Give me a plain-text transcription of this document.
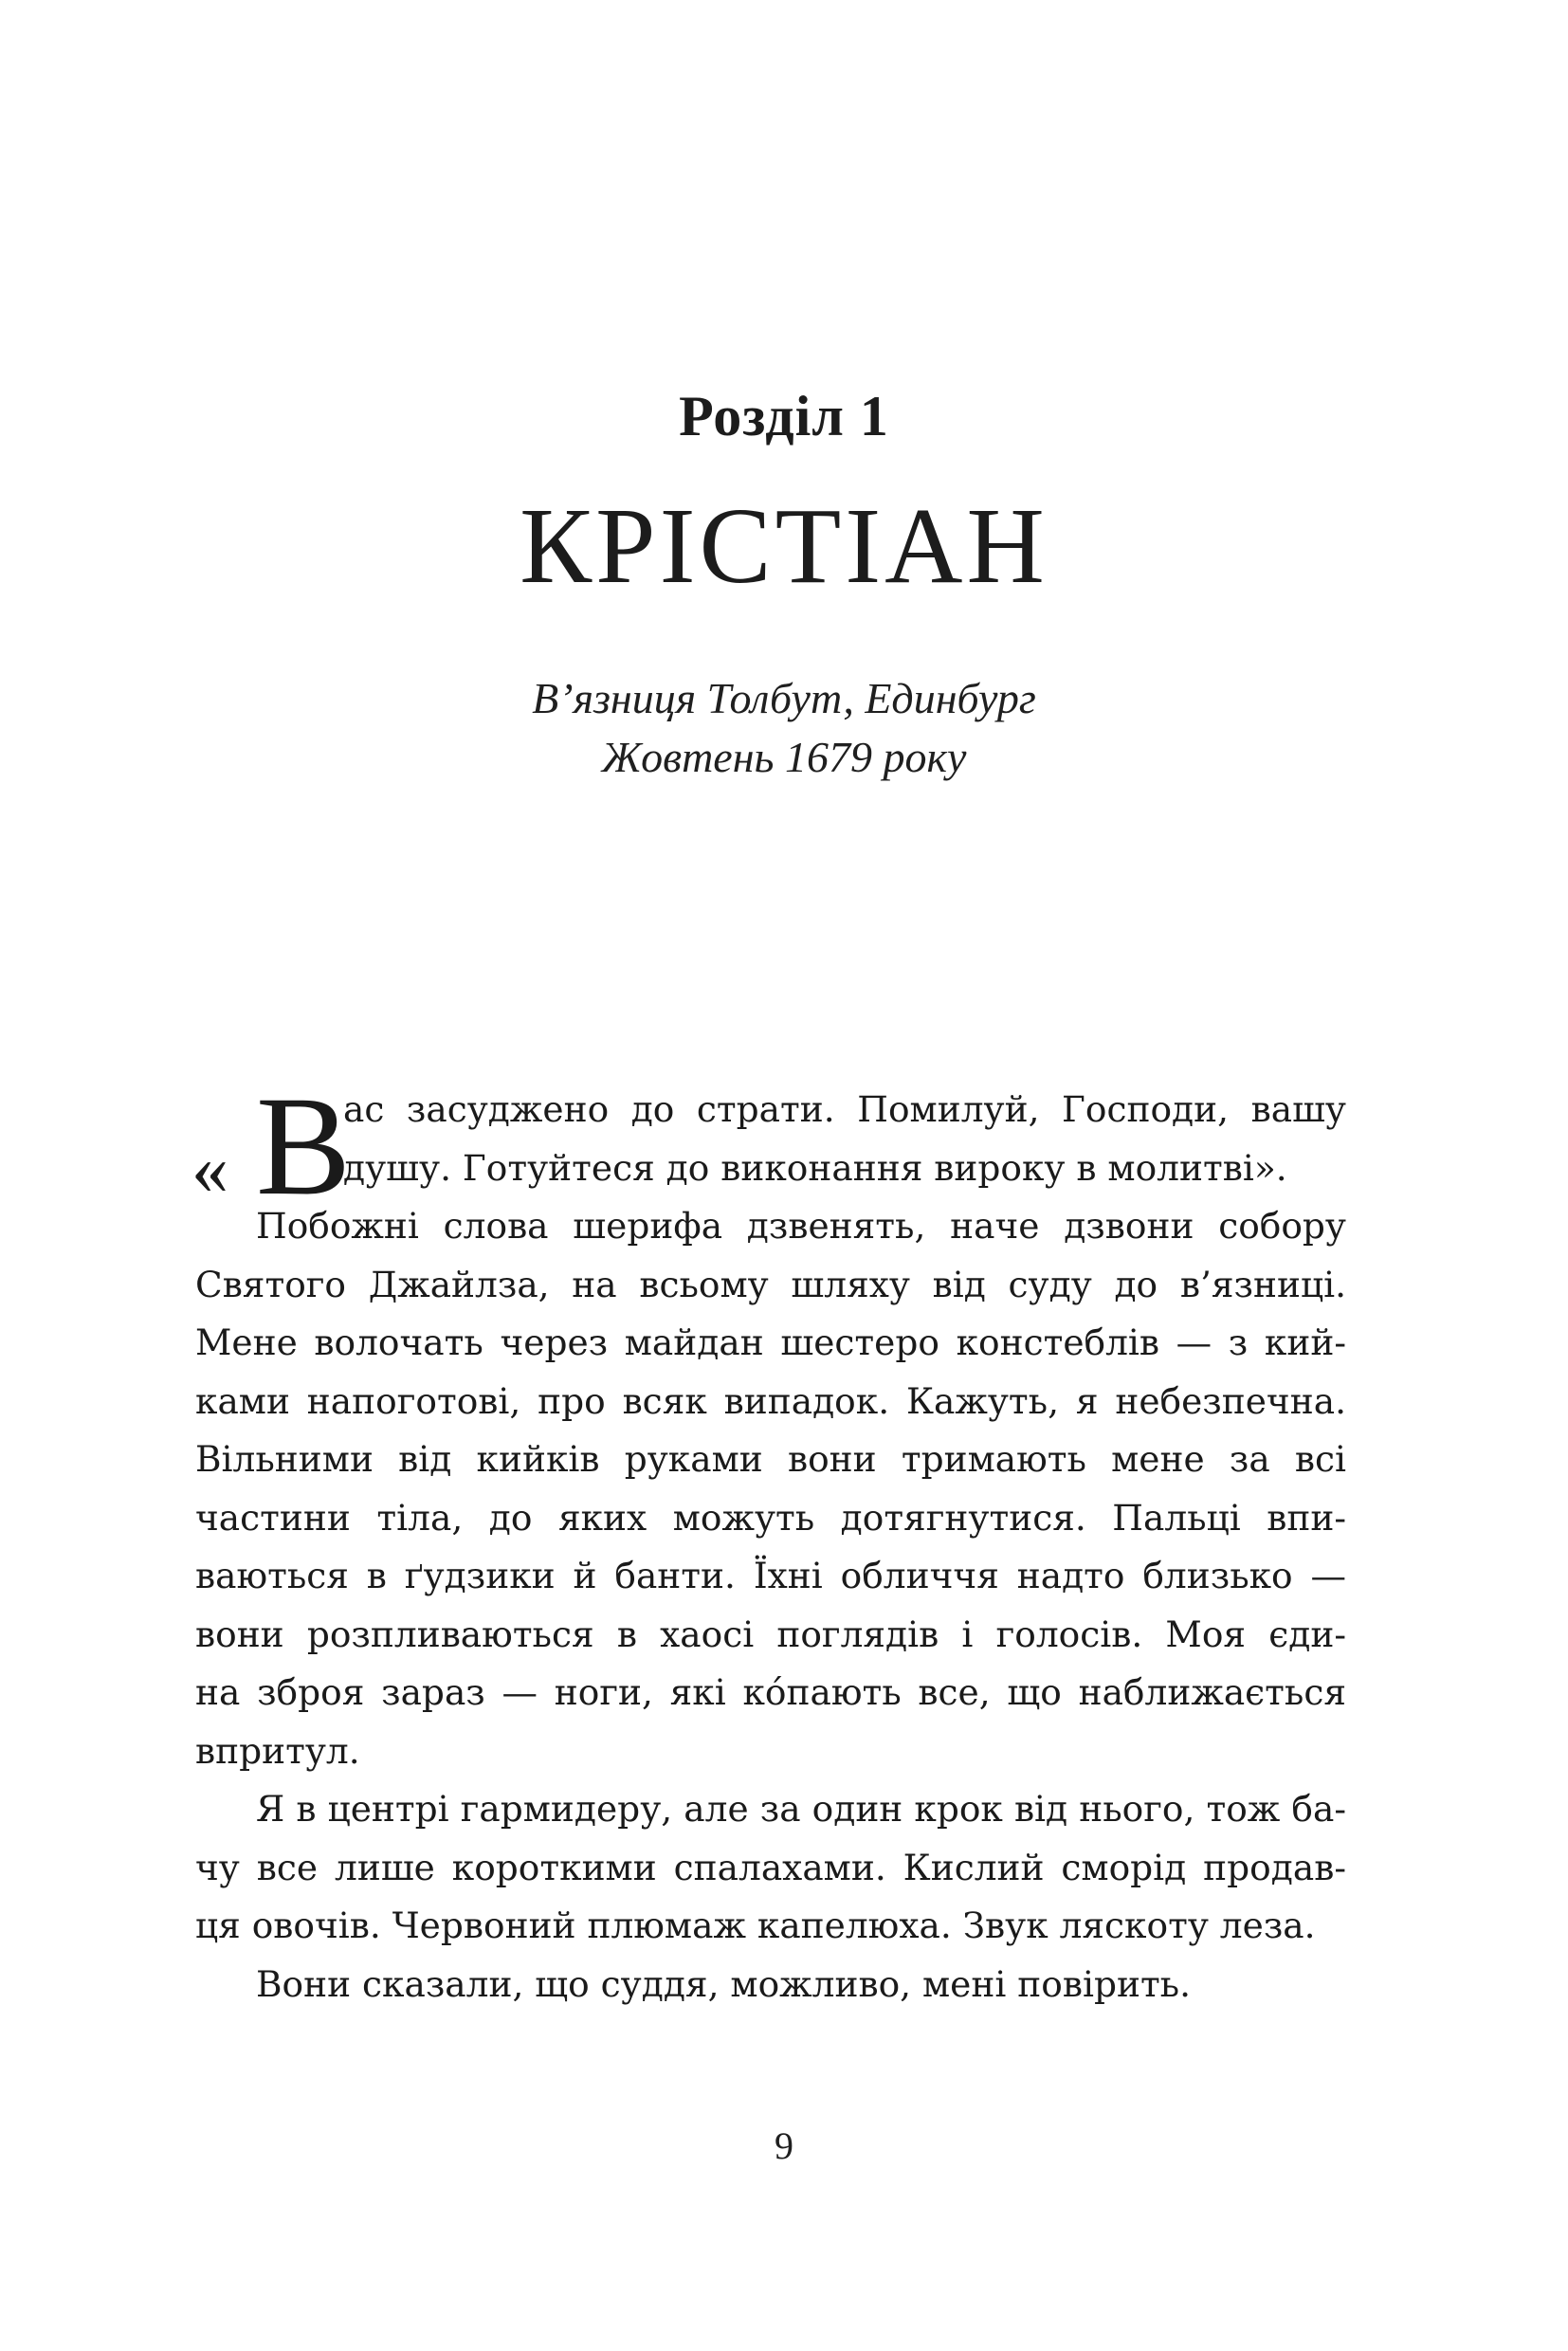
Розділ 1
КРІСТІАН
В’язниця Толбут, Единбург
Жовтень 1679 року
« В
ас засуджено до страти. Помилуй, Господи, вашу
душу. Готуйтеся до виконання вироку в молитві».
Побожні слова шерифа дзвенять, наче дзвони собору
Святого Джайлза, на всьому шляху від суду до в’язниці.
Мене волочать через майдан шестеро констеблів — з кий-
ками напоготові, про всяк випадок. Кажуть, я небезпечна.
Вільними від кийків руками вони тримають мене за всі
частини тіла, до яких можуть дотягнутися. Пальці впи-
ваються в ґудзики й банти. Їхні обличчя надто близько —
вони розпливаються в хаосі поглядів і голосів. Моя єди-
на зброя зараз — ноги, які кóпають все, що наближається
впритул.
Я в центрі гармидеру, але за один крок від нього, тож ба-
чу все лише короткими спалахами. Кислий сморід продав-
ця овочів. Червоний плюмаж капелюха. Звук ляскоту леза.
Вони сказали, що суддя, можливо, мені повірить.
9
